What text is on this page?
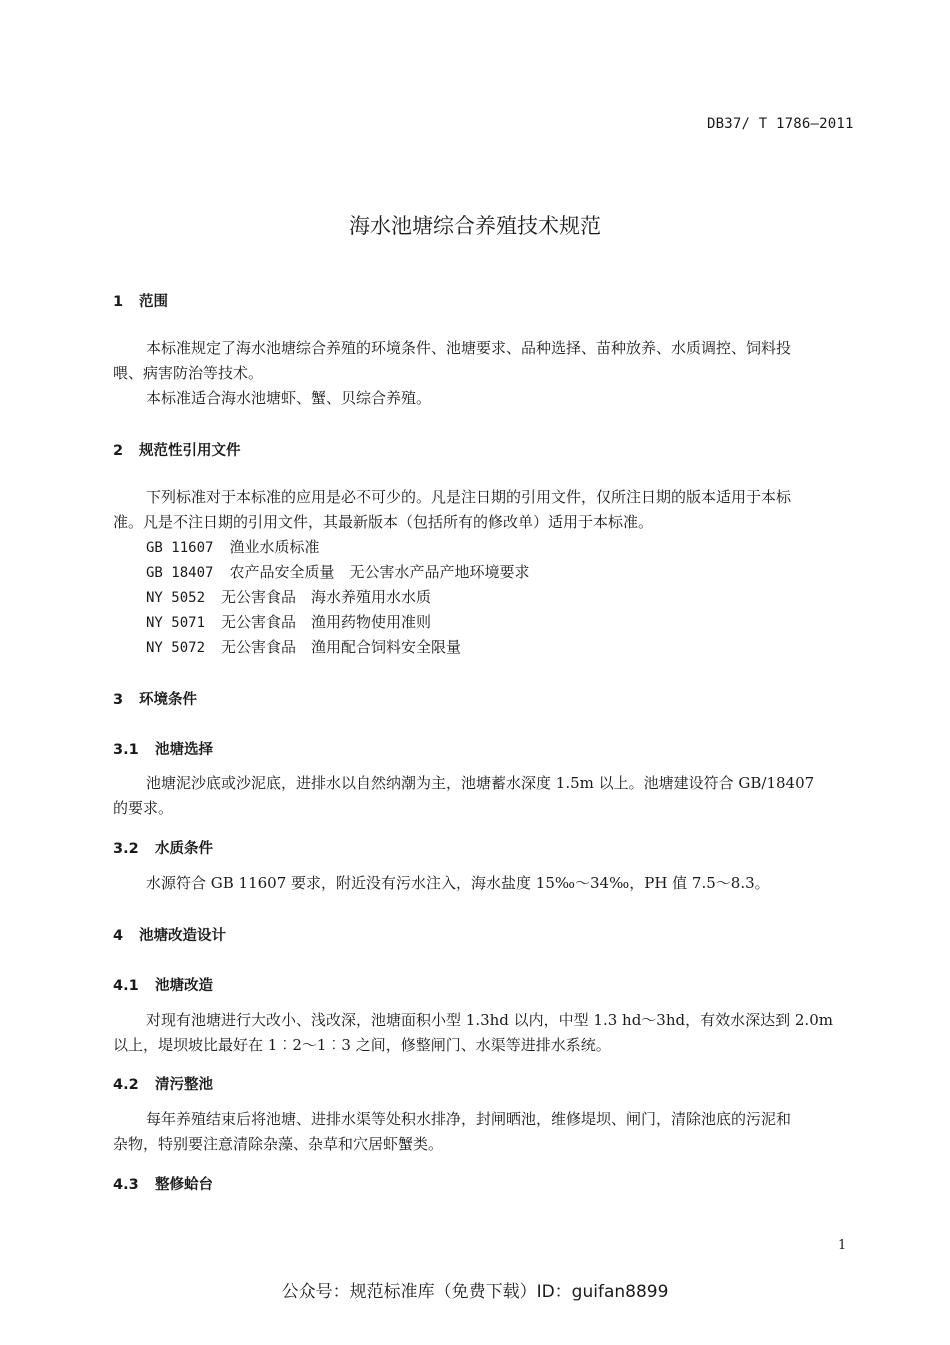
DB37/ T 1786—2011
海水池塘综合养殖技术规范
1 范围
本标准规定了海水池塘综合养殖的环境条件、池塘要求、品种选择、苗种放养、水质调控、饲料投
喂、病害防治等技术。
本标准适合海水池塘虾、蟹、贝综合养殖。
2 规范性引用文件
下列标准对于本标准的应用是必不可少的。凡是注日期的引用文件，仅所注日期的版本适用于本标
准。凡是不注日期的引用文件，其最新版本（包括所有的修改单）适用于本标准。
GB 11607 渔业水质标准
GB 18407 农产品安全质量　无公害水产品产地环境要求
NY 5052 无公害食品　海水养殖用水水质
NY 5071 无公害食品　渔用药物使用准则
NY 5072 无公害食品　渔用配合饲料安全限量
3 环境条件
3.1 池塘选择
池塘泥沙底或沙泥底，进排水以自然纳潮为主，池塘蓄水深度 1.5m 以上。池塘建设符合 GB/18407
的要求。
3.2 水质条件
水源符合 GB 11607 要求，附近没有污水注入，海水盐度 15‰～34‰，PH 值 7.5～8.3。
4 池塘改造设计
4.1 池塘改造
对现有池塘进行大改小、浅改深，池塘面积小型 1.3hd 以内，中型 1.3 hd～3hd，有效水深达到 2.0m
以上，堤坝坡比最好在 1︰2～1︰3 之间，修整闸门、水渠等进排水系统。
4.2 清污整池
每年养殖结束后将池塘、进排水渠等处积水排净，封闸晒池，维修堤坝、闸门，清除池底的污泥和
杂物，特别要注意清除杂藻、杂草和穴居虾蟹类。
4.3 整修蛤台
1
公众号：规范标准库（免费下载）ID：guifan8899
